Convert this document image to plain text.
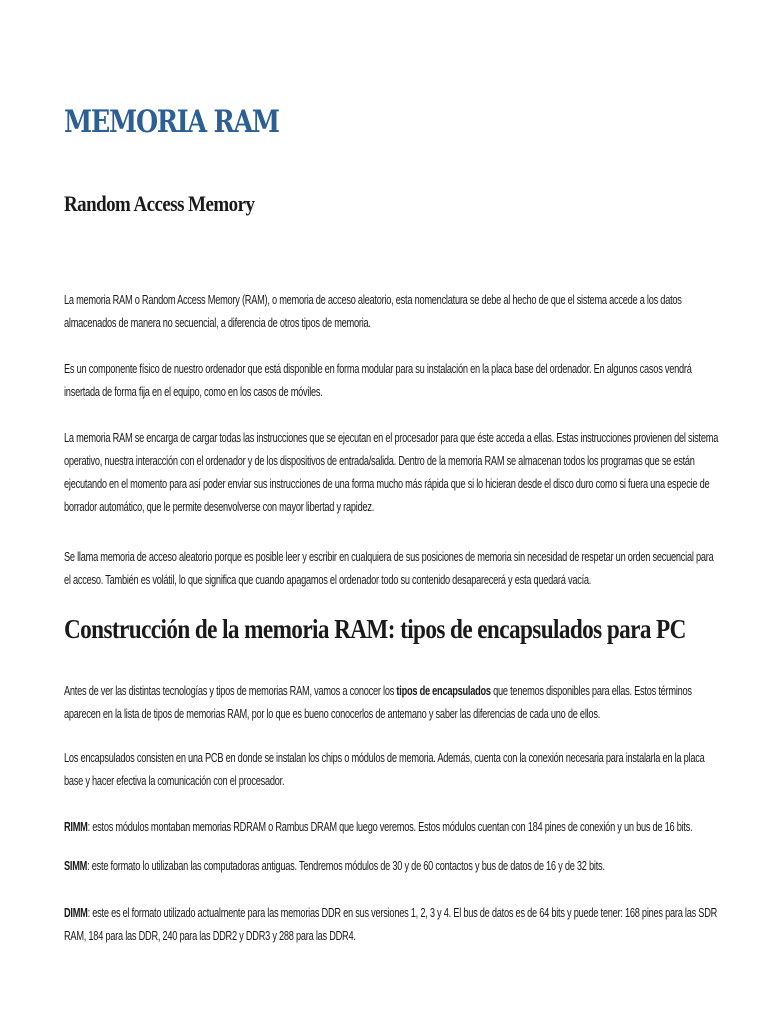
MEMORIA RAM
Random Access Memory

La memoria RAM o Random Access Memory (RAM), o memoria de acceso aleatorio, esta nomenclatura se debe al hecho de que el sistema accede a los datos almacenados de manera no secuencial, a diferencia de otros tipos de memoria.

Es un componente físico de nuestro ordenador que está disponible en forma modular para su instalación en la placa base del ordenador. En algunos casos vendrá insertada de forma fija en el equipo, como en los casos de móviles.

La memoria RAM se encarga de cargar todas las instrucciones que se ejecutan en el procesador para que éste acceda a ellas. Estas instrucciones provienen del sistema operativo, nuestra interacción con el ordenador y de los dispositivos de entrada/salida. Dentro de la memoria RAM se almacenan todos los programas que se están ejecutando en el momento para así poder enviar sus instrucciones de una forma mucho más rápida que si lo hicieran desde el disco duro como si fuera una especie de borrador automático, que le permite desenvolverse con mayor libertad y rapidez.

Se llama memoria de acceso aleatorio porque es posible leer y escribir en cualquiera de sus posiciones de memoria sin necesidad de respetar un orden secuencial para el acceso. También es volátil, lo que significa que cuando apagamos el ordenador todo su contenido desaparecerá y esta quedará vacía.

Construcción de la memoria RAM: tipos de encapsulados para PC

Antes de ver las distintas tecnologías y tipos de memorias RAM, vamos a conocer los tipos de encapsulados que tenemos disponibles para ellas. Estos términos aparecen en la lista de tipos de memorias RAM, por lo que es bueno conocerlos de antemano y saber las diferencias de cada uno de ellos.

Los encapsulados consisten en una PCB en donde se instalan los chips o módulos de memoria. Además, cuenta con la conexión necesaria para instalarla en la placa base y hacer efectiva la comunicación con el procesador.

RIMM: estos módulos montaban memorias RDRAM o Rambus DRAM que luego veremos. Estos módulos cuentan con 184 pines de conexión y un bus de 16 bits.

SIMM: este formato lo utilizaban las computadoras antiguas. Tendremos módulos de 30 y de 60 contactos y bus de datos de 16 y de 32 bits.

DIMM: este es el formato utilizado actualmente para las memorias DDR en sus versiones 1, 2, 3 y 4. El bus de datos es de 64 bits y puede tener: 168 pines para las SDR RAM, 184 para las DDR, 240 para las DDR2 y DDR3 y 288 para las DDR4.
